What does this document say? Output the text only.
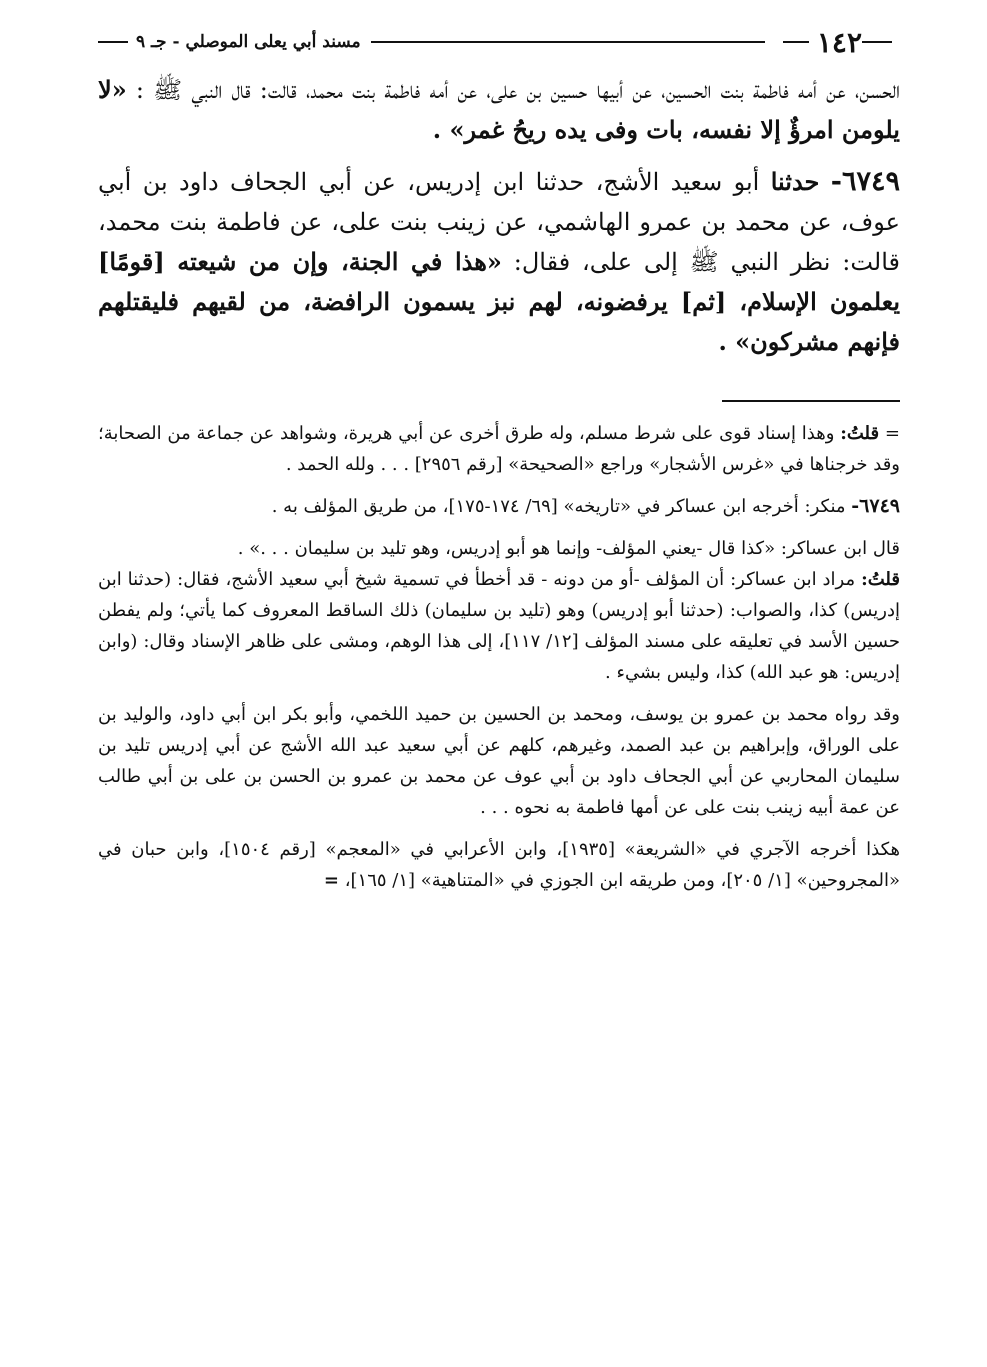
١٤٢
مسند أبي يعلى الموصلي - جـ ٩

الحسن، عن أمه فاطمة بنت الحسين، عن أبيها حسين بن على، عن أمه فاطمة بنت محمد، قالت: قال النبي ﷺ : «لا يلومن امرؤٌ إلا نفسه، بات وفى يده ريحُ غمر» .

٦٧٤٩- حدثنا أبو سعيد الأشج، حدثنا ابن إدريس، عن أبي الجحاف داود بن أبي عوف، عن محمد بن عمرو الهاشمي، عن زينب بنت على، عن فاطمة بنت محمد، قالت: نظر النبي ﷺ إلى على، فقال: «هذا في الجنة، وإن من شيعته [قومًا] يعلمون الإسلام، [ثم] يرفضونه، لهم نبز يسمون الرافضة، من لقيهم فليقتلهم فإنهم مشركون» .

= قلتُ: وهذا إسناد قوى على شرط مسلم، وله طرق أخرى عن أبي هريرة، وشواهد عن جماعة من الصحابة؛ وقد خرجناها في «غرس الأشجار» وراجع «الصحيحة» [رقم ٢٩٥٦] . . . ولله الحمد .

٦٧٤٩- منكر: أخرجه ابن عساكر في «تاريخه» [٦٩/ ١٧٤-١٧٥]، من طريق المؤلف به .

قال ابن عساكر: «كذا قال -يعني المؤلف- وإنما هو أبو إدريس، وهو تليد بن سليمان . . .» .

قلتُ: مراد ابن عساكر: أن المؤلف -أو من دونه - قد أخطأ في تسمية شيخ أبي سعيد الأشج، فقال: (حدثنا ابن إدريس) كذا، والصواب: (حدثنا أبو إدريس) وهو (تليد بن سليمان) ذلك الساقط المعروف كما يأتي؛ ولم يفطن حسين الأسد في تعليقه على مسند المؤلف [١٢/ ١١٧]، إلى هذا الوهم، ومشى على ظاهر الإسناد وقال: (وابن إدريس: هو عبد الله) كذا، وليس بشيء .

وقد رواه محمد بن عمرو بن يوسف، ومحمد بن الحسين بن حميد اللخمي، وأبو بكر ابن أبي داود، والوليد بن على الوراق، وإبراهيم بن عبد الصمد، وغيرهم، كلهم عن أبي سعيد عبد الله الأشج عن أبي إدريس تليد بن سليمان المحاربي عن أبي الجحاف داود بن أبي عوف عن محمد بن عمرو بن الحسن بن على بن أبي طالب عن عمة أبيه زينب بنت على عن أمها فاطمة به نحوه . . .

هكذا أخرجه الآجري في «الشريعة» [١٩٣٥]، وابن الأعرابي في «المعجم» [رقم ١٥٠٤]، وابن حبان في «المجروحين» [١/ ٢٠٥]، ومن طريقه ابن الجوزي في «المتناهية» [١/ ١٦٥]، =
